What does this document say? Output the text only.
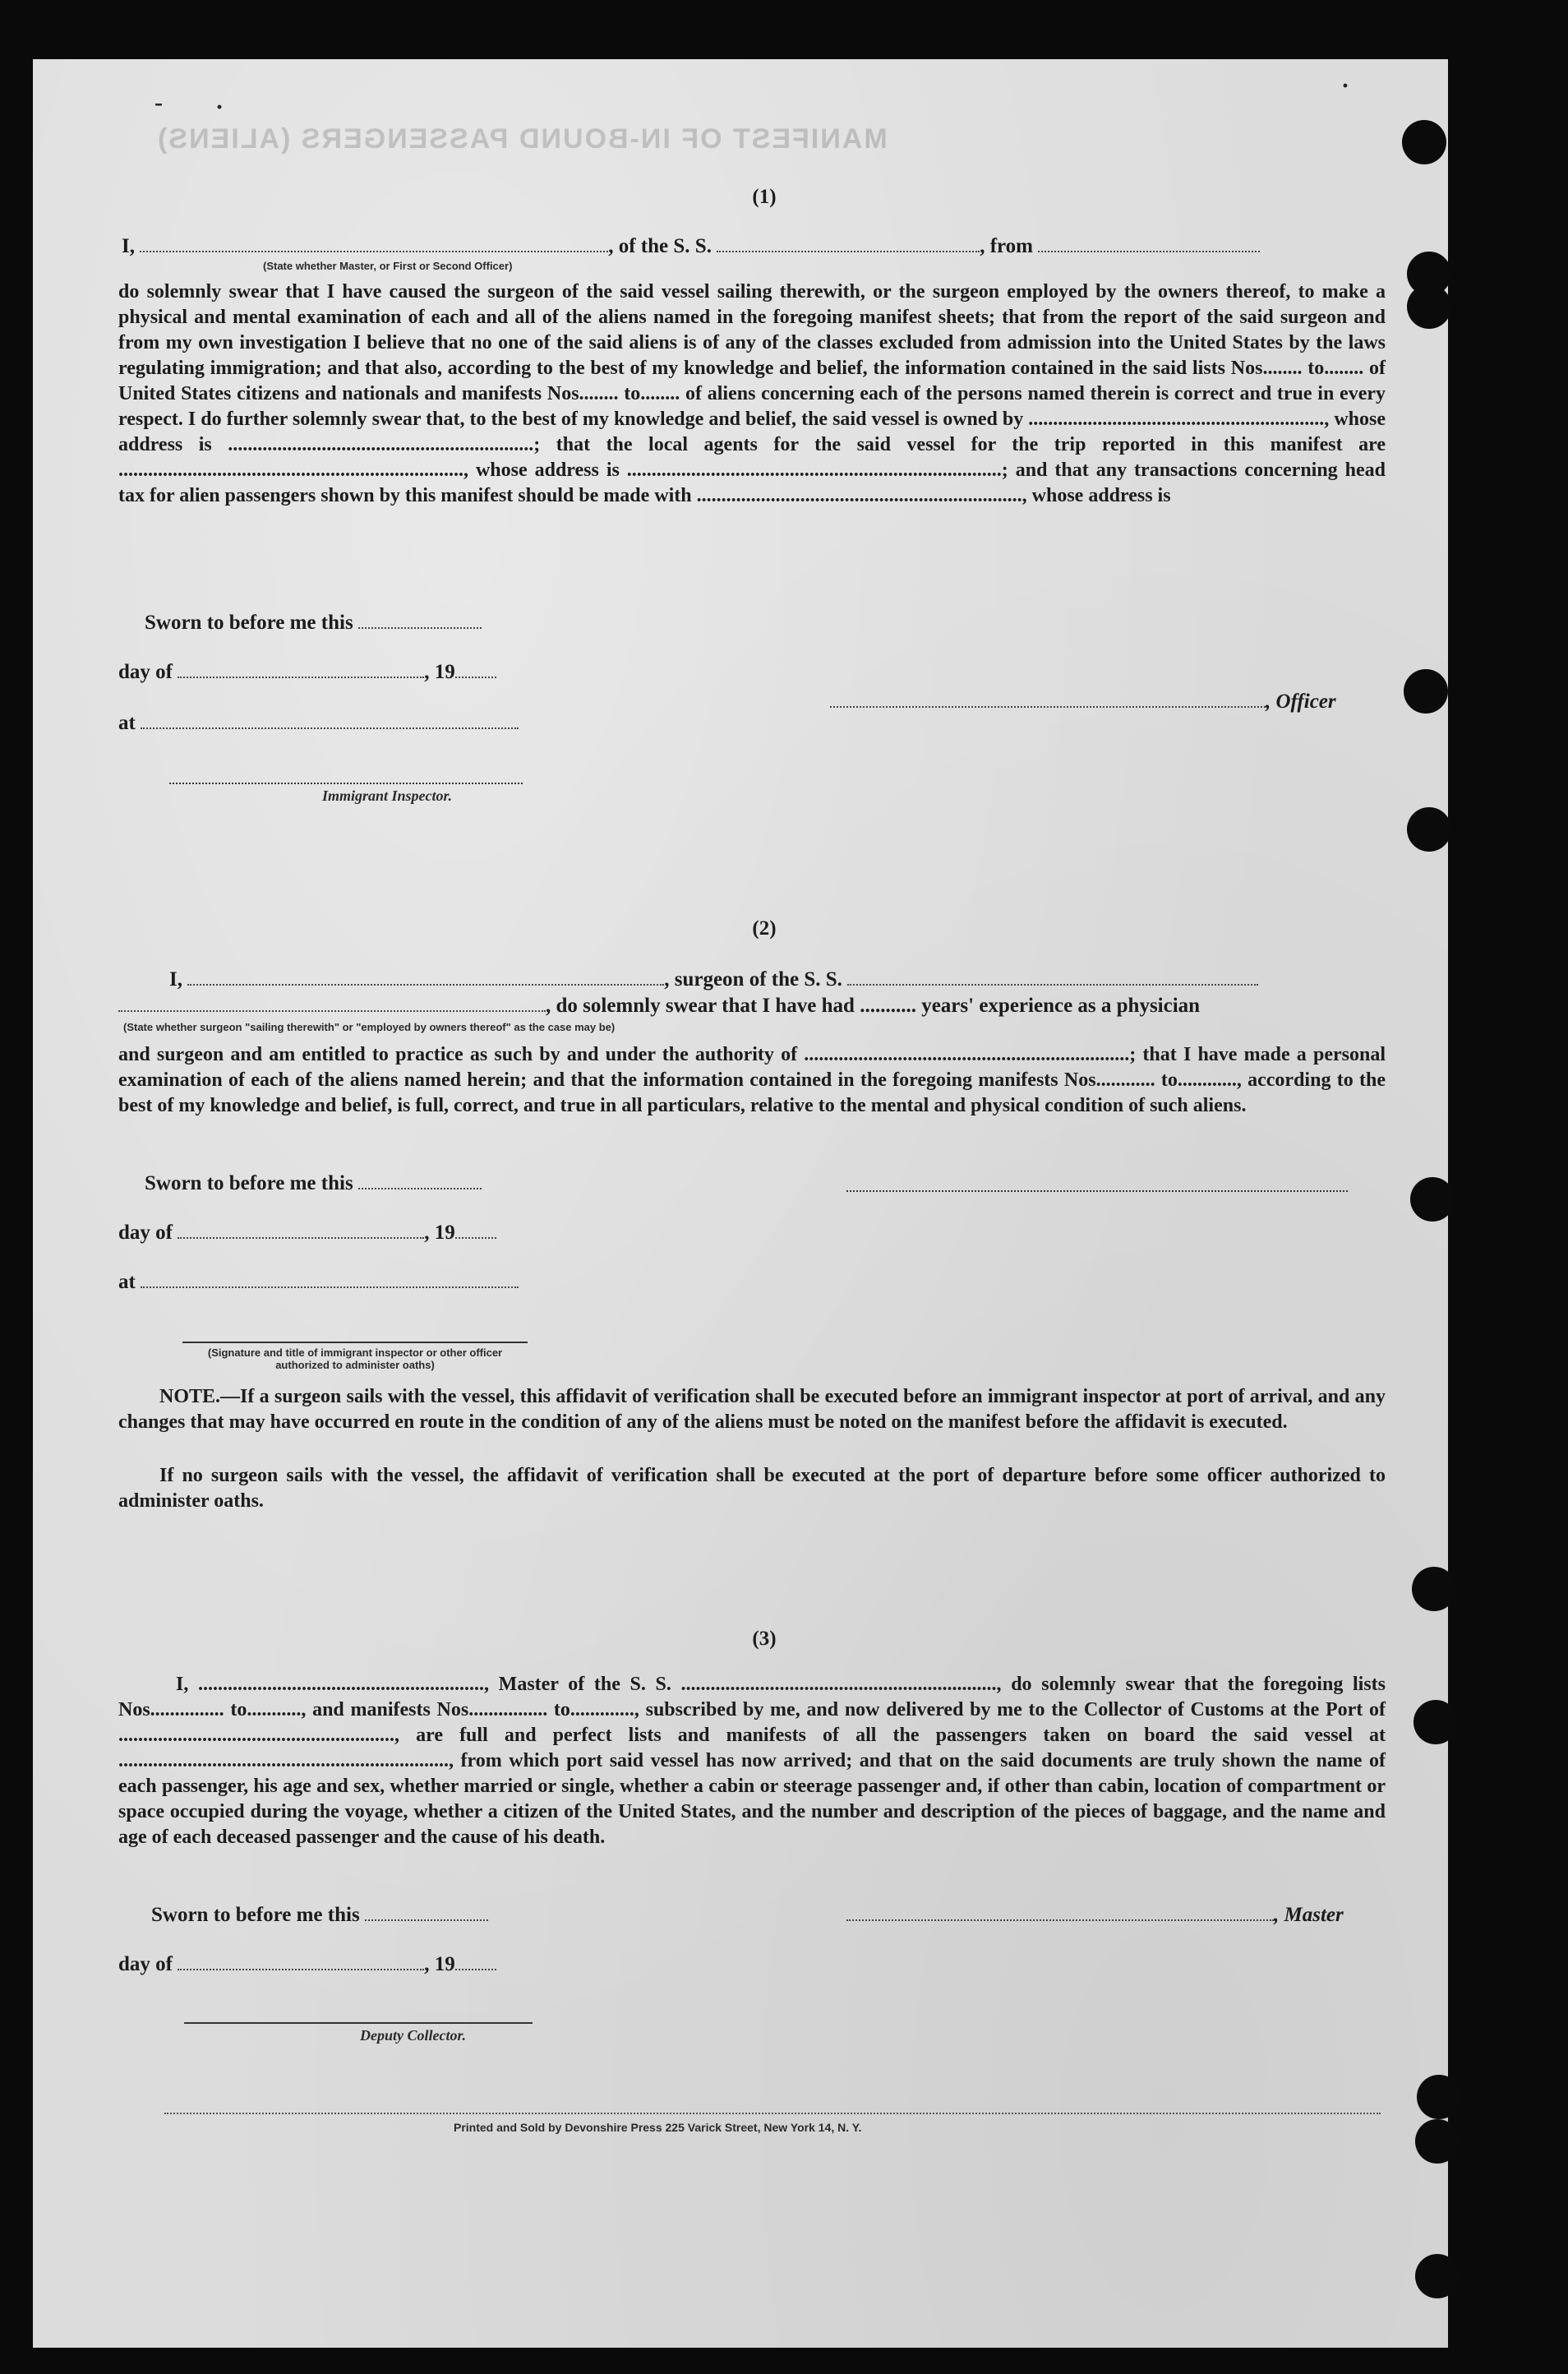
MANIFEST OF IN-BOUND PASSENGERS (ALIENS)
- ·
·
(1)
I,	, of the S. S.	, from
(State whether Master, or First or Second Officer)
do solemnly swear that I have caused the surgeon of the said vessel sailing therewith, or the surgeon employed by the owners thereof, to make a physical and mental examination of each and all of the aliens named in the foregoing manifest sheets; that from the report of the said surgeon and from my own investigation I believe that no one of the said aliens is of any of the classes excluded from admission into the United States by the laws regulating immigration; and that also, according to the best of my knowledge and belief, the information contained in the said lists Nos........ to........ of United States citizens and nationals and manifests Nos........ to........ of aliens concerning each of the persons named therein is correct and true in every respect. I do further solemnly swear that, to the best of my knowledge and belief, the said vessel is owned by ............................................................, whose address is ..............................................................; that the local agents for the said vessel for the trip reported in this manifest are ......................................................................, whose address is ............................................................................; and that any transactions concerning head tax for alien passengers shown by this manifest should be made with .................................................................., whose address is
Sworn to before me this
day of	, 19
at
, Officer
Immigrant Inspector.
(2)
I,	, surgeon of the S. S.
, do solemnly swear that I have had ........... years' experience as a physician
(State whether surgeon "sailing therewith" or "employed by owners thereof" as the case may be)
and surgeon and am entitled to practice as such by and under the authority of ..................................................................; that I have made a personal examination of each of the aliens named herein; and that the information contained in the foregoing manifests Nos............ to............, according to the best of my knowledge and belief, is full, correct, and true in all particulars, relative to the mental and physical condition of such aliens.
Sworn to before me this
day of	, 19
at
(Signature and title of immigrant inspector or other officer authorized to administer oaths)
NOTE.—If a surgeon sails with the vessel, this affidavit of verification shall be executed before an immigrant inspector at port of arrival, and any changes that may have occurred en route in the condition of any of the aliens must be noted on the manifest before the affidavit is executed.
If no surgeon sails with the vessel, the affidavit of verification shall be executed at the port of departure before some officer authorized to administer oaths.
(3)
I, .........................................................., Master of the S. S. ................................................................, do solemnly swear that the foregoing lists Nos............... to..........., and manifests Nos................ to............., subscribed by me, and now delivered by me to the Collector of Customs at the Port of ........................................................, are full and perfect lists and manifests of all the passengers taken on board the said vessel at ..................................................................., from which port said vessel has now arrived; and that on the said documents are truly shown the name of each passenger, his age and sex, whether married or single, whether a cabin or steerage passenger and, if other than cabin, location of compartment or space occupied during the voyage, whether a citizen of the United States, and the number and description of the pieces of baggage, and the name and age of each deceased passenger and the cause of his death.
Sworn to before me this	, Master
day of	, 19
Deputy Collector.
Printed and Sold by Devonshire Press 225 Varick Street, New York 14, N. Y.
